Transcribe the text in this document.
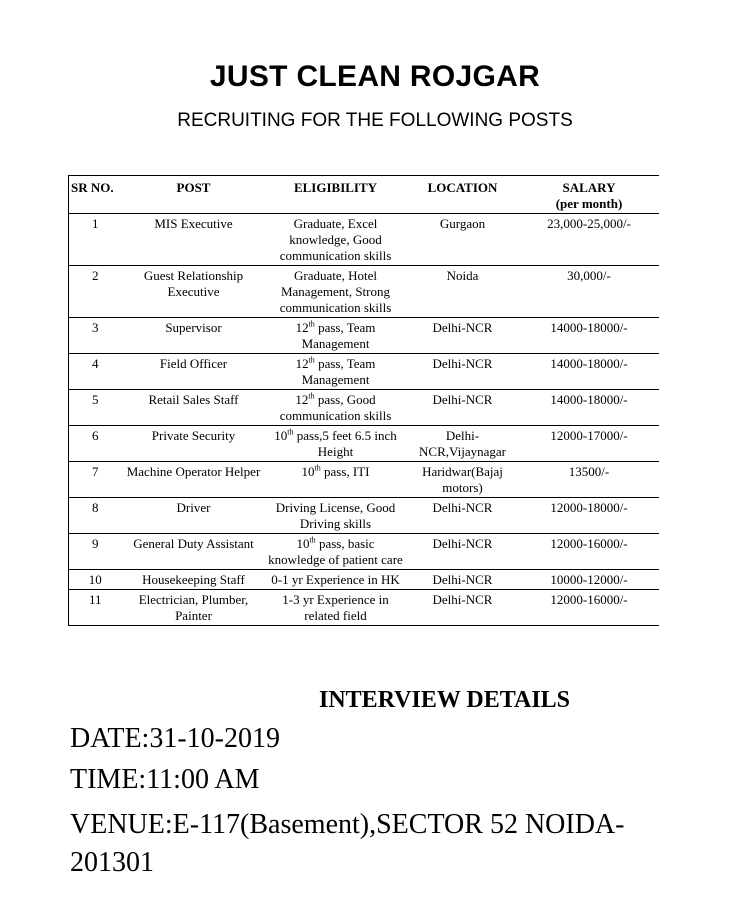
JUST CLEAN ROJGAR
RECRUITING FOR THE FOLLOWING POSTS
SR NO.	POST	ELIGIBILITY	LOCATION	SALARY
(per month)
1	MIS Executive	Graduate, Excel knowledge, Good communication skills	Gurgaon	23,000-25,000/-
2	Guest Relationship Executive	Graduate, Hotel Management, Strong communication skills	Noida	30,000/-
3	Supervisor	12th pass, Team Management	Delhi-NCR	14000-18000/-
4	Field Officer	12th pass, Team Management	Delhi-NCR	14000-18000/-
5	Retail Sales Staff	12th pass, Good communication skills	Delhi-NCR	14000-18000/-
6	Private Security	10th pass,5 feet 6.5 inch Height	Delhi-NCR,Vijaynagar	12000-17000/-
7	Machine Operator Helper	10th pass, ITI	Haridwar(Bajaj motors)	13500/-
8	Driver	Driving License, Good Driving skills	Delhi-NCR	12000-18000/-
9	General Duty Assistant	10th pass, basic knowledge of patient care	Delhi-NCR	12000-16000/-
10	Housekeeping Staff	0-1 yr Experience in HK	Delhi-NCR	10000-12000/-
11	Electrician, Plumber, Painter	1-3 yr Experience in related field	Delhi-NCR	12000-16000/-
INTERVIEW DETAILS
DATE:31-10-2019
TIME:11:00 AM
VENUE:E-117(Basement),SECTOR 52 NOIDA-201301
